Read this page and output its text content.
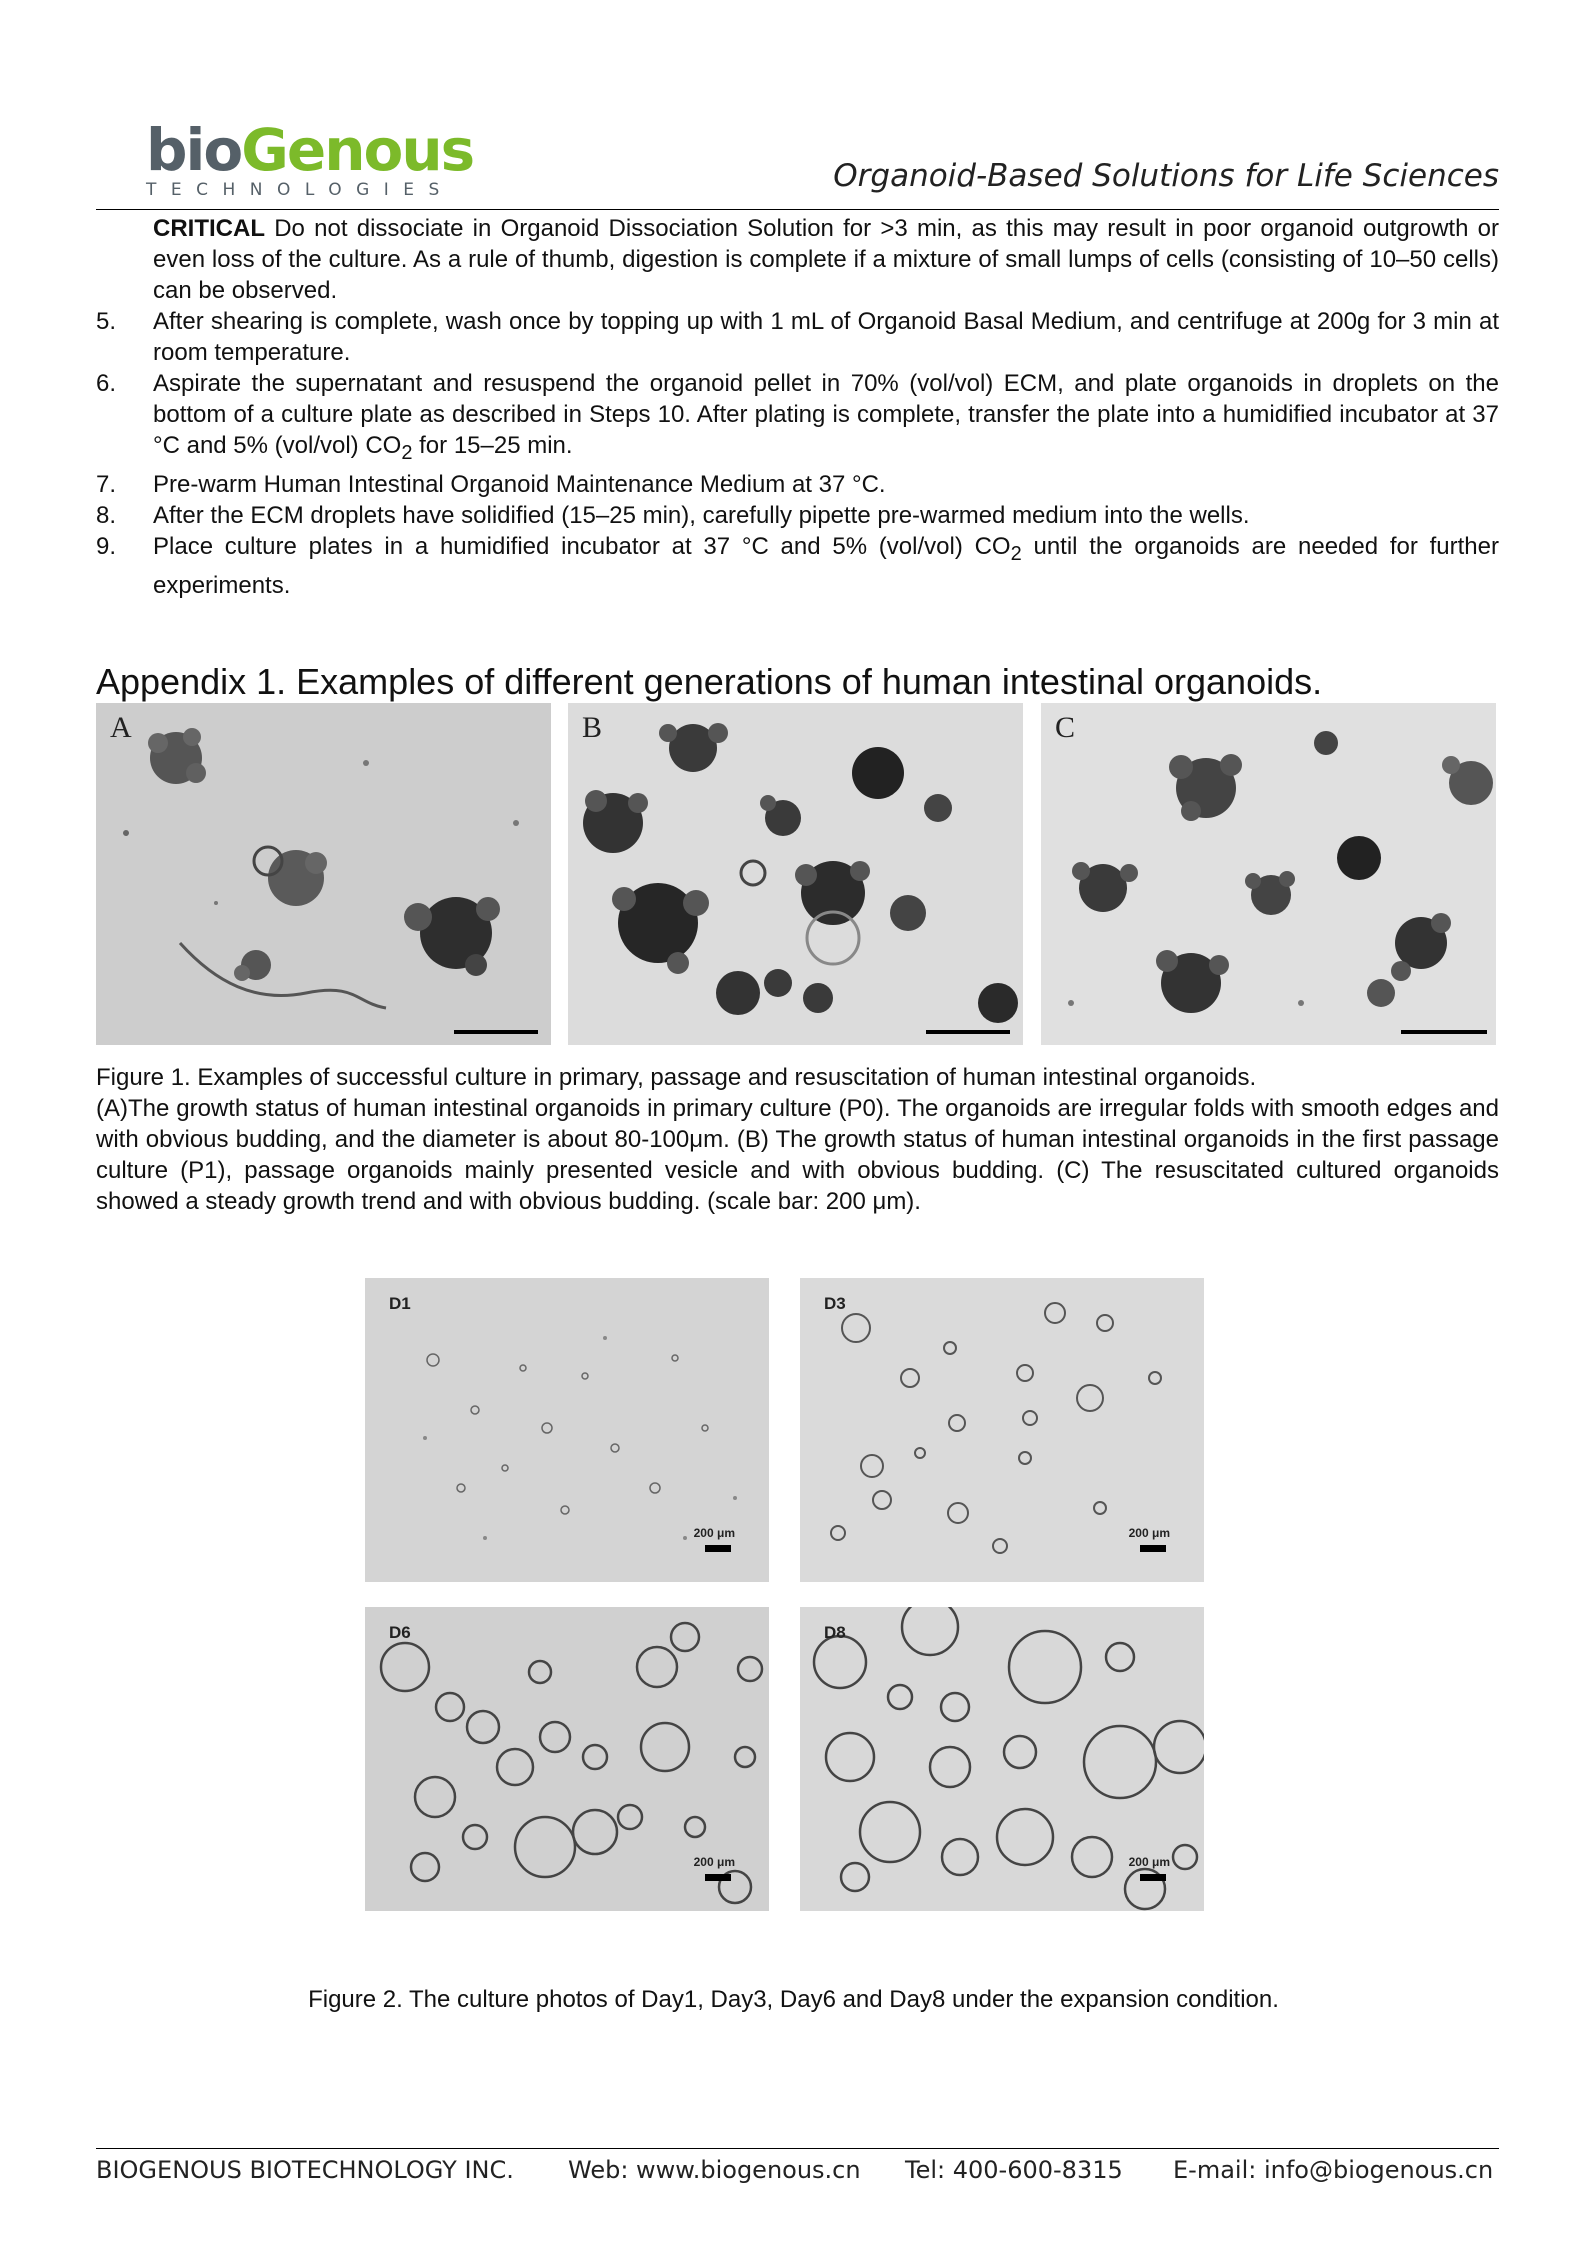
bioGenous
TECHNOLOGIES	Organoid-Based Solutions for Life Sciences
CRITICAL Do not dissociate in Organoid Dissociation Solution for >3 min, as this may result in poor organoid outgrowth or even loss of the culture. As a rule of thumb, digestion is complete if a mixture of small lumps of cells (consisting of 10–50 cells) can be observed.
5.	After shearing is complete, wash once by topping up with 1 mL of Organoid Basal Medium, and centrifuge at 200g for 3 min at room temperature.
6.	Aspirate the supernatant and resuspend the organoid pellet in 70% (vol/vol) ECM, and plate organoids in droplets on the bottom of a culture plate as described in Steps 10. After plating is complete, transfer the plate into a humidified incubator at 37 °C and 5% (vol/vol) $CO_2$ for 15–25 min.
7.	Pre-warm Human Intestinal Organoid Maintenance Medium at 37 °C.
8.	After the ECM droplets have solidified (15–25 min), carefully pipette pre-warmed medium into the wells.
9.	Place culture plates in a humidified incubator at 37 °C and 5% (vol/vol) $CO_2$ until the organoids are needed for further experiments.
Appendix 1. Examples of different generations of human intestinal organoids.
A	B	C
Figure 1. Examples of successful culture in primary, passage and resuscitation of human intestinal organoids.
(A)The growth status of human intestinal organoids in primary culture (P0). The organoids are irregular folds with smooth edges and with obvious budding, and the diameter is about 80-100μm. (B) The growth status of human intestinal organoids in the first passage culture (P1), passage organoids mainly presented vesicle and with obvious budding. (C) The resuscitated cultured organoids showed a steady growth trend and with obvious budding. (scale bar: 200 μm).
D1
200 μm
D3
200 μm
D6
200 μm
D8
200 μm
Figure 2. The culture photos of Day1, Day3, Day6 and Day8 under the expansion condition.
BIOGENOUS BIOTECHNOLOGY INC. Web: www.biogenous.cn Tel: 400-600-8315 E-mail: info@biogenous.cn
